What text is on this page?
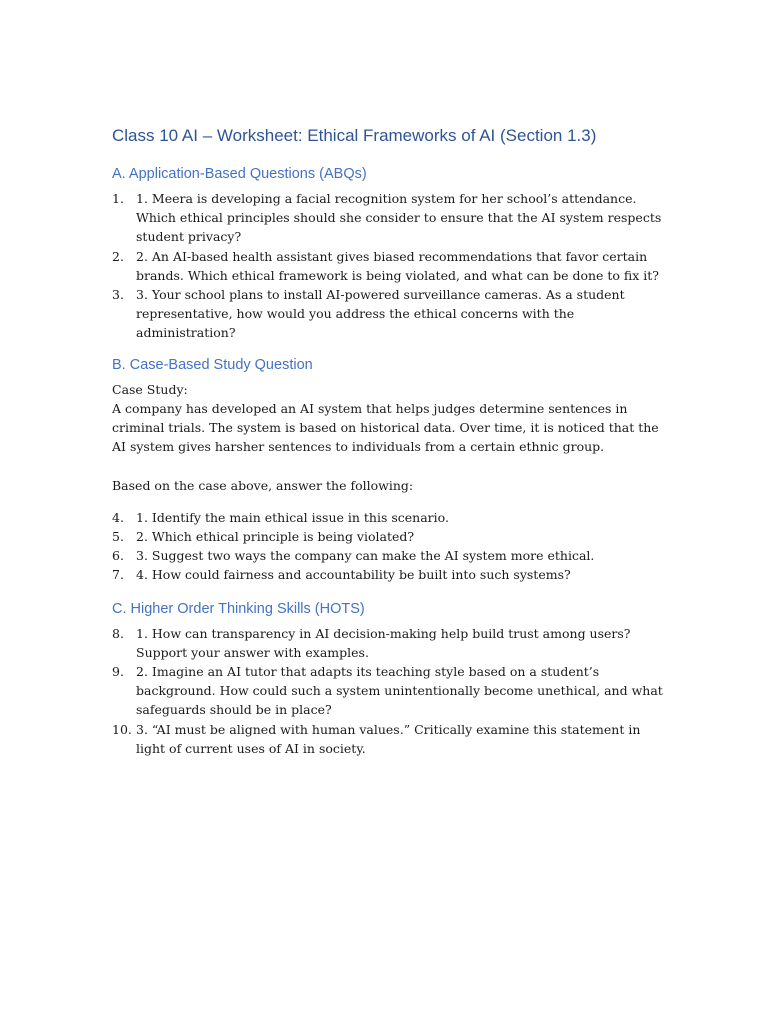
Class 10 AI – Worksheet: Ethical Frameworks of AI (Section 1.3)
A. Application-Based Questions (ABQs)
1. 1. Meera is developing a facial recognition system for her school’s attendance. Which ethical principles should she consider to ensure that the AI system respects student privacy?
2. 2. An AI-based health assistant gives biased recommendations that favor certain brands. Which ethical framework is being violated, and what can be done to fix it?
3. 3. Your school plans to install AI-powered surveillance cameras. As a student representative, how would you address the ethical concerns with the administration?
B. Case-Based Study Question

Case Study:

A company has developed an AI system that helps judges determine sentences in criminal trials. The system is based on historical data. Over time, it is noticed that the AI system gives harsher sentences to individuals from a certain ethnic group.

Based on the case above, answer the following:

4. 1. Identify the main ethical issue in this scenario.
5. 2. Which ethical principle is being violated?
6. 3. Suggest two ways the company can make the AI system more ethical.
7. 4. How could fairness and accountability be built into such systems?
C. Higher Order Thinking Skills (HOTS)
8. 1. How can transparency in AI decision-making help build trust among users? Support your answer with examples.
9. 2. Imagine an AI tutor that adapts its teaching style based on a student’s background. How could such a system unintentionally become unethical, and what safeguards should be in place?
10. 3. “AI must be aligned with human values.” Critically examine this statement in light of current uses of AI in society.
